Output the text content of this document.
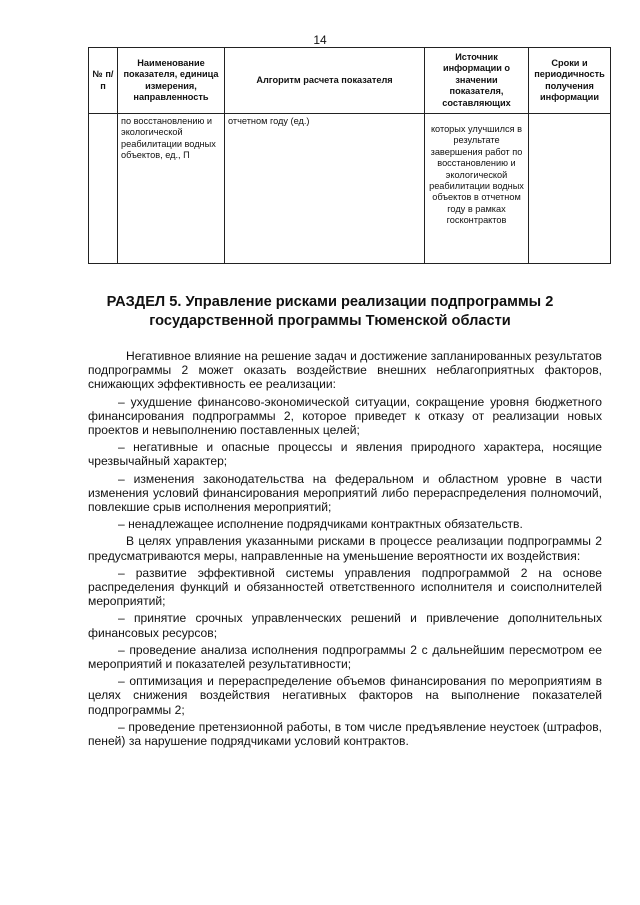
14
№ п/п	Наименование показателя, единица измерения, направленность	Алгоритм расчета показателя	Источник информации о значении показателя, составляющих	Сроки и периодичность получения информации
	по восстановлению и экологической реабилитации водных объектов, ед., П	отчетном году (ед.)	которых улучшился в результате завершения работ по восстановлению и экологической реабилитации водных объектов в отчетном году в рамках госконтрактов	
РАЗДЕЛ 5. Управление рисками реализации подпрограммы 2
государственной программы Тюменской области

Негативное влияние на решение задач и достижение запланированных результатов подпрограммы 2 может оказать воздействие внешних неблагоприятных факторов, снижающих эффективность ее реализации:

– ухудшение финансово-экономической ситуации, сокращение уровня бюджетного финансирования подпрограммы 2, которое приведет к отказу от реализации новых проектов и невыполнению поставленных целей;

– негативные и опасные процессы и явления природного характера, носящие чрезвычайный характер;

– изменения законодательства на федеральном и областном уровне в части изменения условий финансирования мероприятий либо перераспределения полномочий, повлекшие срыв исполнения мероприятий;

– ненадлежащее исполнение подрядчиками контрактных обязательств.

В целях управления указанными рисками в процессе реализации подпрограммы 2 предусматриваются меры, направленные на уменьшение вероятности их воздействия:

– развитие эффективной системы управления подпрограммой 2 на основе распределения функций и обязанностей ответственного исполнителя и соисполнителей мероприятий;

– принятие срочных управленческих решений и привлечение дополнительных финансовых ресурсов;

– проведение анализа исполнения подпрограммы 2 с дальнейшим пересмотром ее мероприятий и показателей результативности;

– оптимизация и перераспределение объемов финансирования по мероприятиям в целях снижения воздействия негативных факторов на выполнение показателей подпрограммы 2;

– проведение претензионной работы, в том числе предъявление неустоек (штрафов, пеней) за нарушение подрядчиками условий контрактов.
